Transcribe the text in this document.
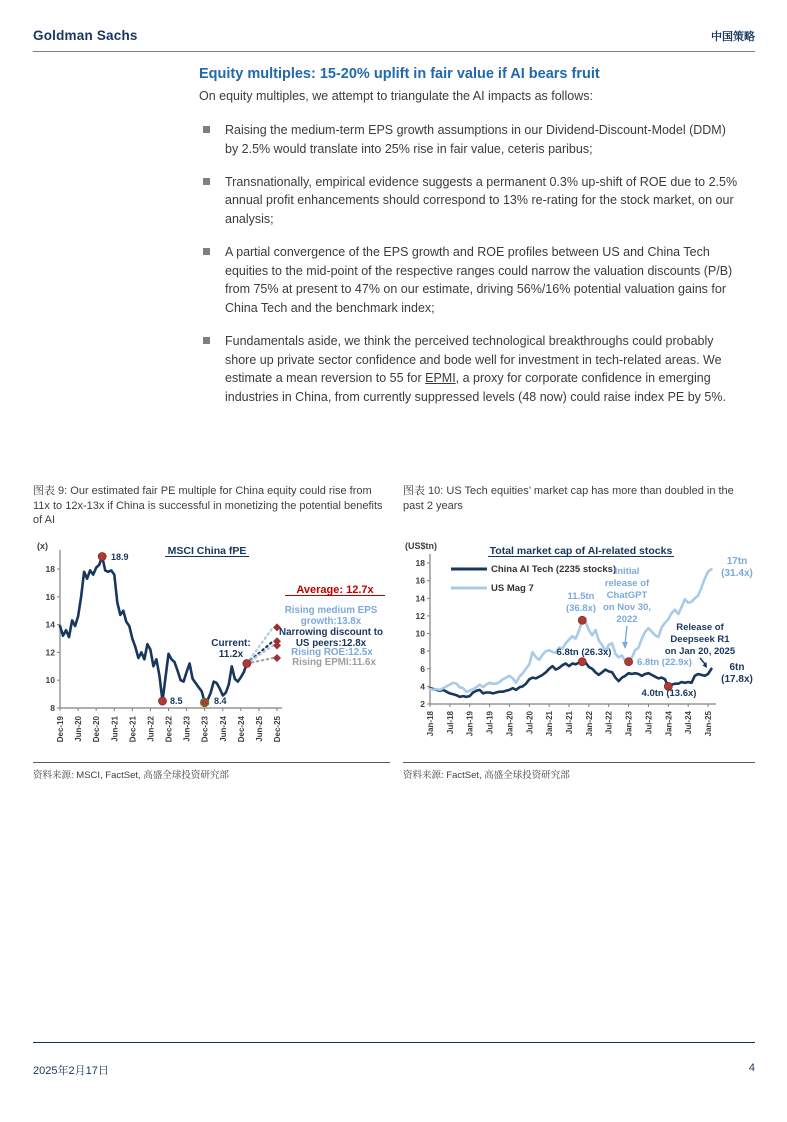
Goldman Sachs	中国策略
Equity multiples: 15-20% uplift in fair value if AI bears fruit

On equity multiples, we attempt to triangulate the AI impacts as follows:

Raising the medium-term EPS growth assumptions in our Dividend-Discount-Model (DDM) by 2.5% would translate into 25% rise in fair value, ceteris paribus;
Transnationally, empirical evidence suggests a permanent 0.3% up-shift of ROE due to 2.5% annual profit enhancements should correspond to 13% re-rating for the stock market, on our analysis;
A partial convergence of the EPS growth and ROE profiles between US and China Tech equities to the mid-point of the respective ranges could narrow the valuation discounts (P/B) from 75% at present to 47% on our estimate, driving 56%/16% potential valuation gains for China Tech and the benchmark index;
Fundamentals aside, we think the perceived technological breakthroughs could probably shore up private sector confidence and bode well for investment in tech-related areas. We estimate a mean reversion to 55 for EPMI, a proxy for corporate confidence in emerging industries in China, from currently suppressed levels (48 now) could raise index PE by 5%.
图表 9: Our estimated fair PE multiple for China equity could rise from 11x to 12x-13x if China is successful in monetizing the potential benefits of AI
(x)	MSCI China fPE
8
10
12
14
16
18
Dec-19 Jun-20 Dec-20 Jun-21 Dec-21 Jun-22 Dec-22 Jun-23 Dec-23 Jun-24 Dec-24 Jun-25 Dec-25
18.9
8.5	8.4
Current:
11.2x
Average: 12.7x
Rising medium EPS
growth:13.8x
Narrowing discount to
US peers:12.8x
Rising ROE:12.5x
Rising EPMI:11.6x
资料来源: MSCI, FactSet, 高盛全球投资研究部
图表 10: US Tech equities’ market cap has more than doubled in the past 2 years
(US$tn)	Total market cap of AI-related stocks
2
4
6
8
10
12
14
16
18
Jan-18 Jul-18 Jan-19 Jul-19 Jan-20 Jul-20 Jan-21 Jul-21 Jan-22 Jul-22 Jan-23 Jul-23 Jan-24 Jul-24 Jan-25
China AI Tech (2235 stocks)
US Mag 7
11.5tn
(36.8x)
Initial
release of
ChatGPT
on Nov 30,
2022
6.8tn (26.3x)
6.8tn (22.9x)
4.0tn (13.6x)
Release of
Deepseek R1
on Jan 20, 2025
6tn
(17.8x)
17tn
(31.4x)
资料来源: FactSet, 高盛全球投资研究部
2025年2月17日	4
